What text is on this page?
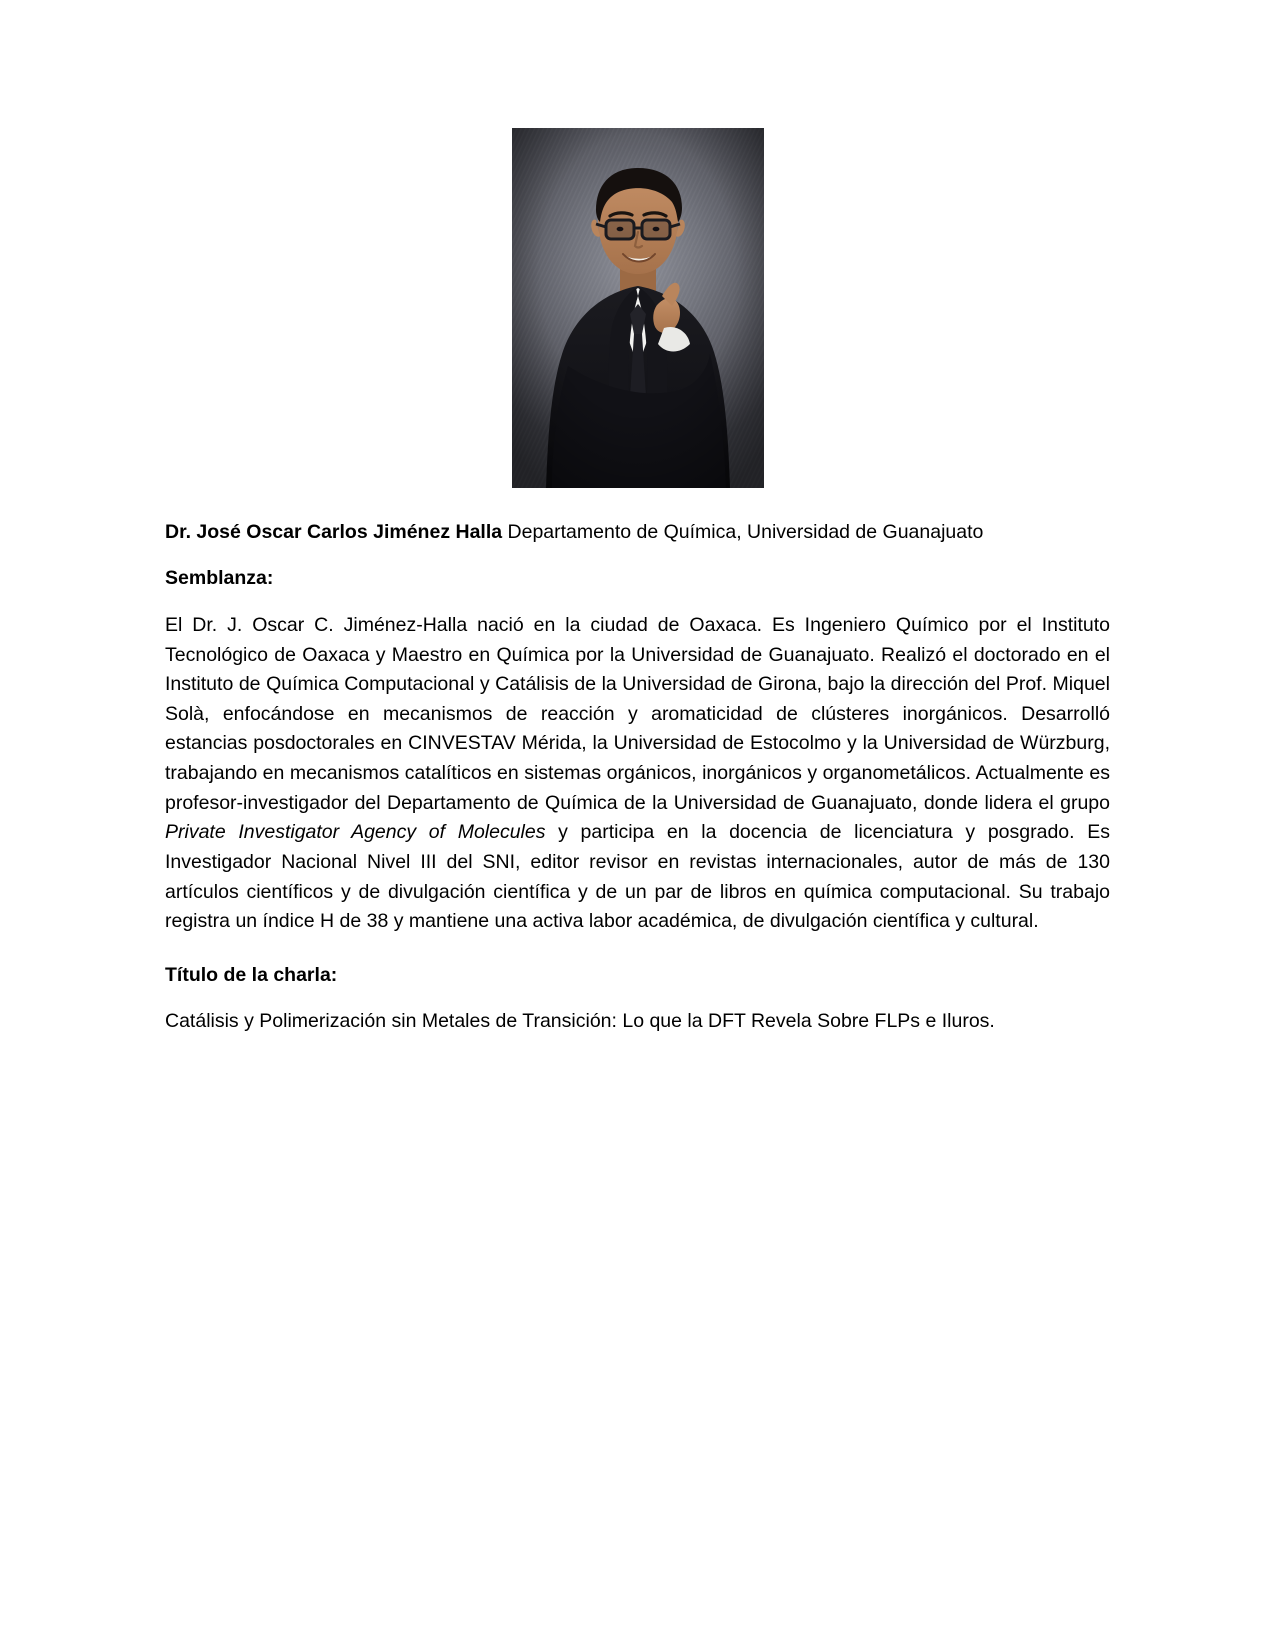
Dr. José Oscar Carlos Jiménez Halla Departamento de Química, Universidad de Guanajuato

Semblanza:

El Dr. J. Oscar C. Jiménez-Halla nació en la ciudad de Oaxaca. Es Ingeniero Químico por el Instituto Tecnológico de Oaxaca y Maestro en Química por la Universidad de Guanajuato. Realizó el doctorado en el Instituto de Química Computacional y Catálisis de la Universidad de Girona, bajo la dirección del Prof. Miquel Solà, enfocándose en mecanismos de reacción y aromaticidad de clústeres inorgánicos. Desarrolló estancias posdoctorales en CINVESTAV Mérida, la Universidad de Estocolmo y la Universidad de Würzburg, trabajando en mecanismos catalíticos en sistemas orgánicos, inorgánicos y organometálicos. Actualmente es profesor-investigador del Departamento de Química de la Universidad de Guanajuato, donde lidera el grupo Private Investigator Agency of Molecules y participa en la docencia de licenciatura y posgrado. Es Investigador Nacional Nivel III del SNI, editor revisor en revistas internacionales, autor de más de 130 artículos científicos y de divulgación científica y de un par de libros en química computacional. Su trabajo registra un índice H de 38 y mantiene una activa labor académica, de divulgación científica y cultural.

Título de la charla:

Catálisis y Polimerización sin Metales de Transición: Lo que la DFT Revela Sobre FLPs e Iluros.
